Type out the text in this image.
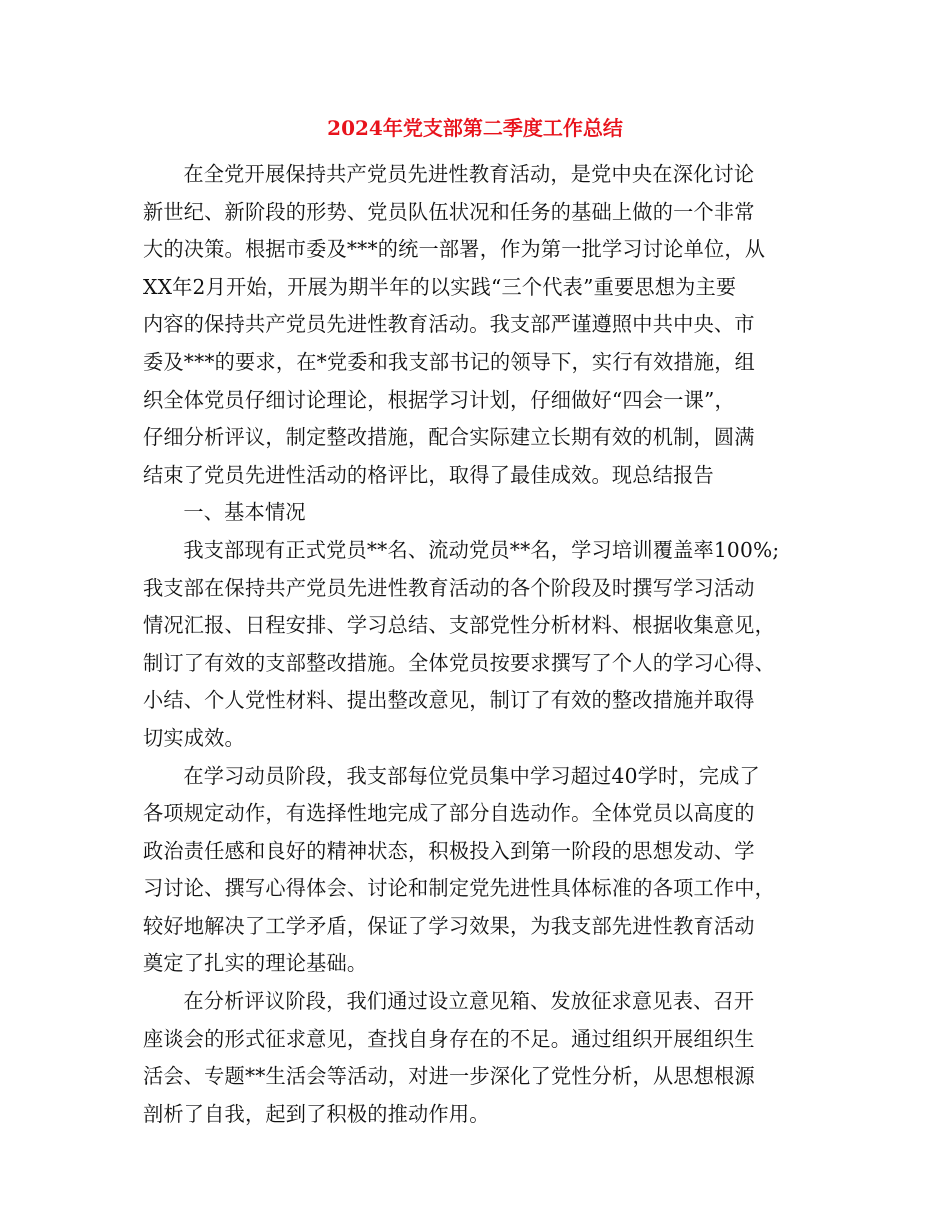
2024年党支部第二季度工作总结

在全党开展保持共产党员先进性教育活动，是党中央在深化讨论
新世纪、新阶段的形势、党员队伍状况和任务的基础上做的一个非常
大的决策。根据市委及***的统一部署，作为第一批学习讨论单位，从
XX年2月开始，开展为期半年的以实践“三个代表”重要思想为主要
内容的保持共产党员先进性教育活动。我支部严谨遵照中共中央、市
委及***的要求，在*党委和我支部书记的领导下，实行有效措施，组
织全体党员仔细讨论理论，根据学习计划，仔细做好“四会一课”，
仔细分析评议，制定整改措施，配合实际建立长期有效的机制，圆满
结束了党员先进性活动的格评比，取得了最佳成效。现总结报告

一、基本情况

我支部现有正式党员**名、流动党员**名，学习培训覆盖率100%;
我支部在保持共产党员先进性教育活动的各个阶段及时撰写学习活动
情况汇报、日程安排、学习总结、支部党性分析材料、根据收集意见，
制订了有效的支部整改措施。全体党员按要求撰写了个人的学习心得、
小结、个人党性材料、提出整改意见，制订了有效的整改措施并取得
切实成效。

在学习动员阶段，我支部每位党员集中学习超过40学时，完成了
各项规定动作，有选择性地完成了部分自选动作。全体党员以高度的
政治责任感和良好的精神状态，积极投入到第一阶段的思想发动、学
习讨论、撰写心得体会、讨论和制定党先进性具体标准的各项工作中，
较好地解决了工学矛盾，保证了学习效果，为我支部先进性教育活动
奠定了扎实的理论基础。

在分析评议阶段，我们通过设立意见箱、发放征求意见表、召开
座谈会的形式征求意见，查找自身存在的不足。通过组织开展组织生
活会、专题**生活会等活动，对进一步深化了党性分析，从思想根源
剖析了自我，起到了积极的推动作用。
